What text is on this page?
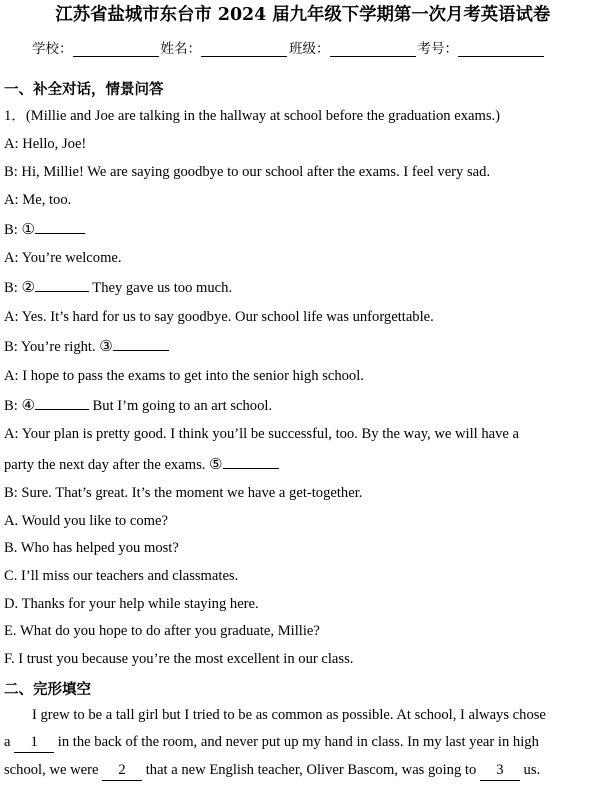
江苏省盐城市东台市 2024 届九年级下学期第一次月考英语试卷
学校：	姓名：	班级：	考号：
一、补全对话，情景问答
1．(Millie and Joe are talking in the hallway at school before the graduation exams.)
A: Hello, Joe!
B: Hi, Millie! We are saying goodbye to our school after the exams. I feel very sad.
A: Me, too.
B: ①
A: You’re welcome.
B: ②	They gave us too much.
A: Yes. It’s hard for us to say goodbye. Our school life was unforgettable.
B: You’re right. ③
A: I hope to pass the exams to get into the senior high school.
B: ④	But I’m going to an art school.
A: Your plan is pretty good. I think you’ll be successful, too. By the way, we will have a
party the next day after the exams. ⑤
B: Sure. That’s great. It’s the moment we have a get-together.
A. Would you like to come?
B. Who has helped you most?
C. I’ll miss our teachers and classmates.
D. Thanks for your help while staying here.
E. What do you hope to do after you graduate, Millie?
F. I trust you because you’re the most excellent in our class.
二、完形填空
I grew to be a tall girl but I tried to be as common as possible. At school, I always chose
a 1 in the back of the room, and never put up my hand in class. In my last year in high
school, we were 2 that a new English teacher, Oliver Bascom, was going to 3 us.
